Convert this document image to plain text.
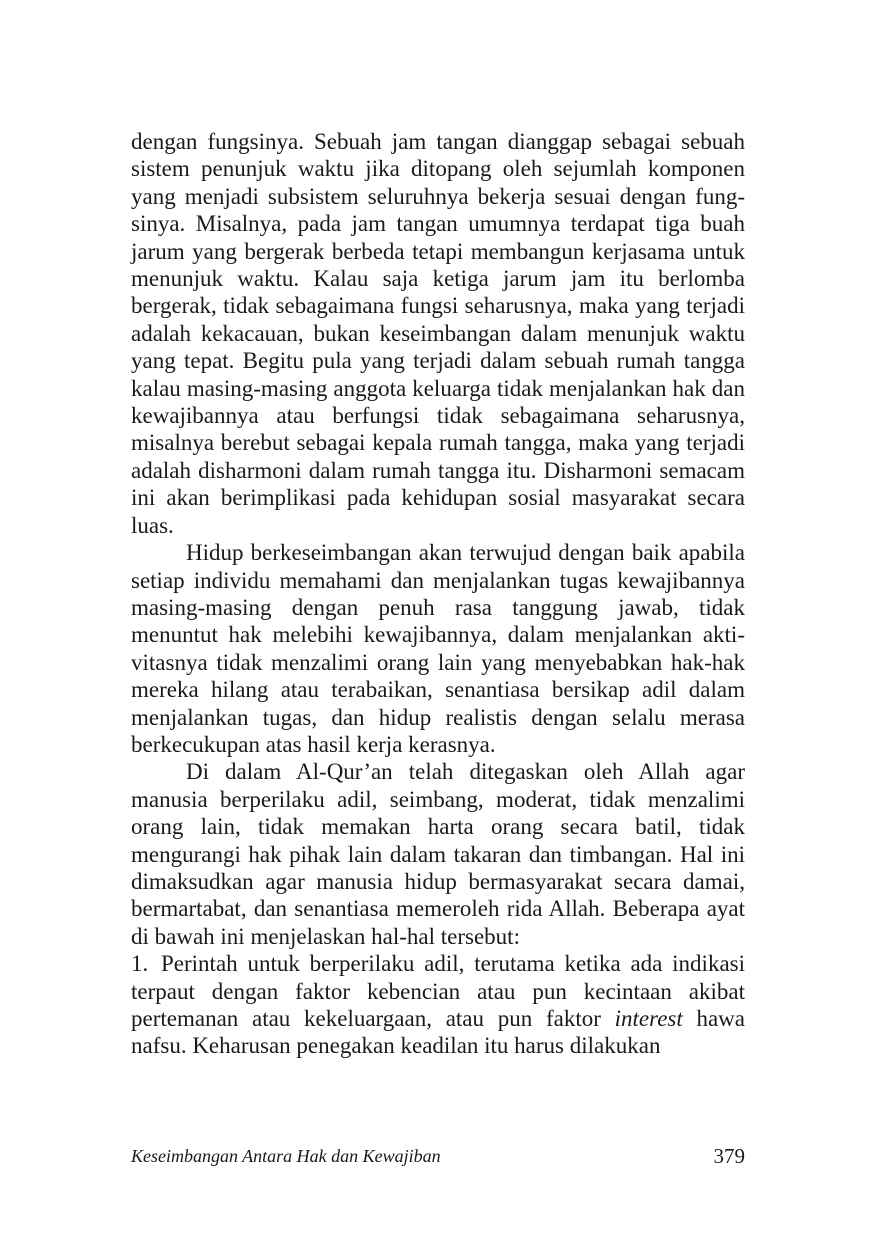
dengan fungsinya. Sebuah jam tangan dianggap sebagai sebuah sistem penunjuk waktu jika ditopang oleh sejumlah komponen yang menjadi subsistem seluruhnya bekerja sesuai dengan fungsinya. Misalnya, pada jam tangan umumnya terdapat tiga buah jarum yang bergerak berbeda tetapi membangun kerjasama untuk menunjuk waktu. Kalau saja ketiga jarum jam itu berlomba bergerak, tidak sebagaimana fungsi seharusnya, maka yang terjadi adalah kekacauan, bukan keseimbangan dalam menunjuk waktu yang tepat. Begitu pula yang terjadi dalam sebuah rumah tangga kalau masing-masing anggota keluarga tidak menjalankan hak dan kewajibannya atau berfungsi tidak sebagaimana seharusnya, misalnya berebut sebagai kepala rumah tangga, maka yang terjadi adalah disharmoni dalam rumah tangga itu. Disharmoni semacam ini akan berimplikasi pada kehidupan sosial masyarakat secara luas.

Hidup berkeseimbangan akan terwujud dengan baik apabila setiap individu memahami dan menjalankan tugas kewajibannya masing-masing dengan penuh rasa tanggung jawab, tidak menuntut hak melebihi kewajibannya, dalam menjalankan aktivitasnya tidak menzalimi orang lain yang menyebabkan hak-hak mereka hilang atau terabaikan, senantiasa bersikap adil dalam menjalankan tugas, dan hidup realistis dengan selalu merasa berkecukupan atas hasil kerja kerasnya.

Di dalam Al-Qur’an telah ditegaskan oleh Allah agar manusia berperilaku adil, seimbang, moderat, tidak menzalimi orang lain, tidak memakan harta orang secara batil, tidak mengurangi hak pihak lain dalam takaran dan timbangan. Hal ini dimaksudkan agar manusia hidup bermasyarakat secara damai, bermartabat, dan senantiasa memeroleh rida Allah. Beberapa ayat di bawah ini menjelaskan hal-hal tersebut:

1. Perintah untuk berperilaku adil, terutama ketika ada indikasi terpaut dengan faktor kebencian atau pun kecintaan akibat pertemanan atau kekeluargaan, atau pun faktor interest hawa nafsu. Keharusan penegakan keadilan itu harus dilakukan

Keseimbangan Antara Hak dan Kewajiban	379
